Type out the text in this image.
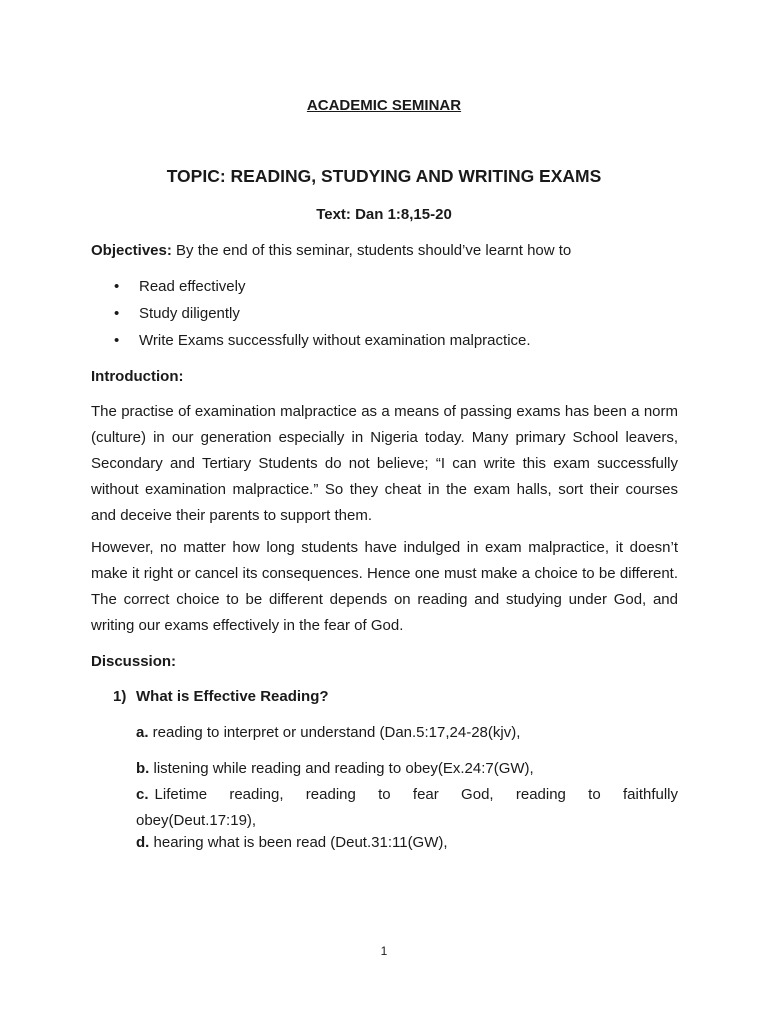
ACADEMIC SEMINAR
TOPIC: READING, STUDYING AND WRITING EXAMS
Text: Dan 1:8,15-20
Objectives: By the end of this seminar, students should’ve learnt how to
• Read effectively
• Study diligently
• Write Exams successfully without examination malpractice.
Introduction:
The practise of examination malpractice as a means of passing exams has been a norm (culture) in our generation especially in Nigeria today. Many primary School leavers, Secondary and Tertiary Students do not believe; “I can write this exam successfully without examination malpractice.” So they cheat in the exam halls, sort their courses and deceive their parents to support them.
However, no matter how long students have indulged in exam malpractice, it doesn’t make it right or cancel its consequences. Hence one must make a choice to be different. The correct choice to be different depends on reading and studying under God, and writing our exams effectively in the fear of God.
Discussion:
1) What is Effective Reading?
a. reading to interpret or understand (Dan.5:17,24-28(kjv),
b. listening while reading and reading to obey(Ex.24:7(GW),
c. Lifetime reading, reading to fear God, reading to faithfully
obey(Deut.17:19),
d. hearing what is been read (Deut.31:11(GW),
1
